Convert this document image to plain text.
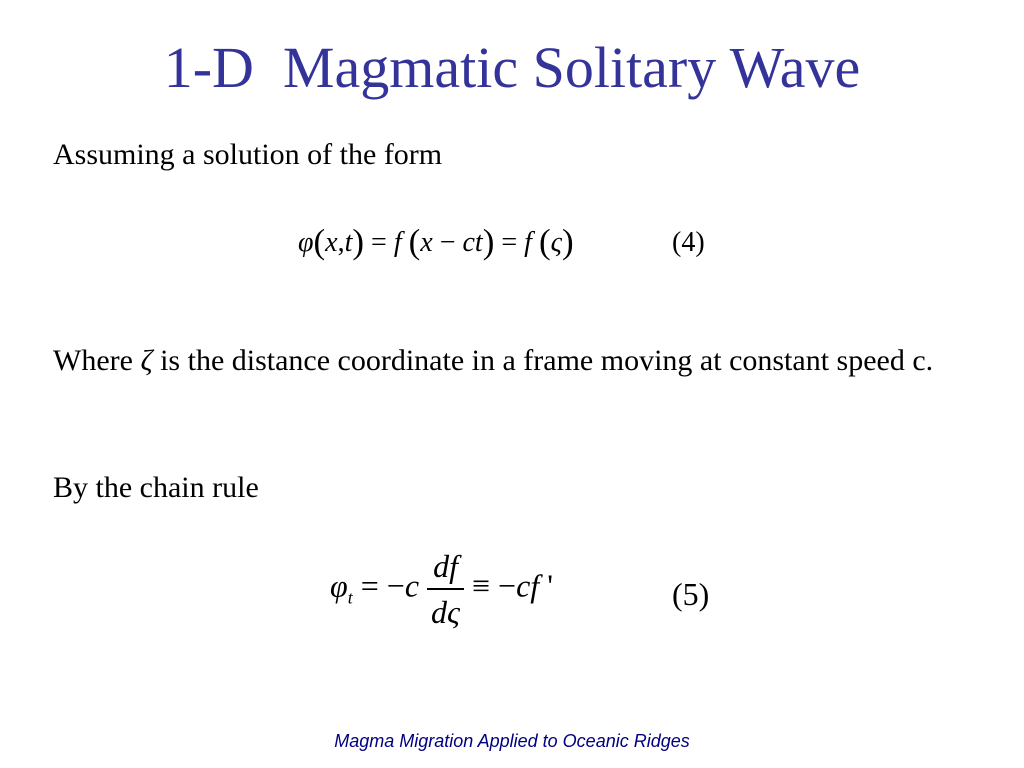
1-D  Magmatic Solitary Wave

Assuming a solution of the form

φ(x,t) = f (x − ct) = f (ς)	(4)

Where ζ is the distance coordinate in a frame moving at constant speed c.

By the chain rule

$\varphi_t = -c \frac{df}{d\varsigma} \equiv -cf$ '	(5)
Magma Migration Applied to Oceanic Ridges
